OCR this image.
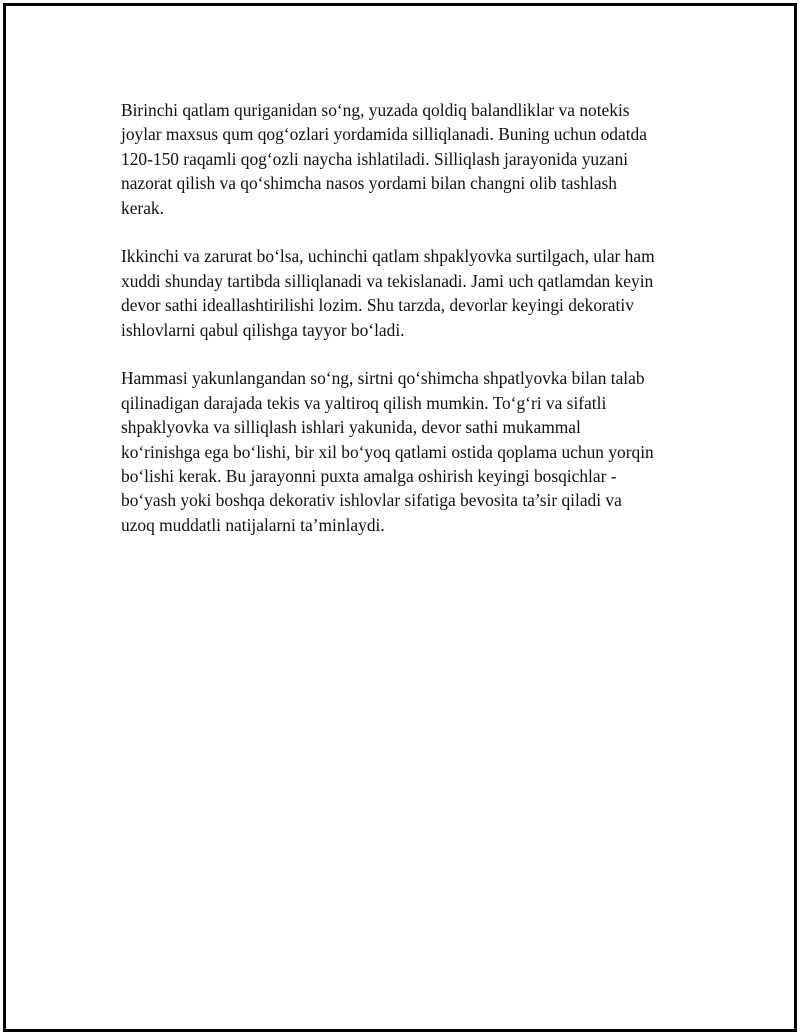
Birinchi qatlam quriganidan so‘ng, yuzada qoldiq balandliklar va notekis
joylar maxsus qum qog‘ozlari yordamida silliqlanadi. Buning uchun odatda
120-150 raqamli qog‘ozli naycha ishlatiladi. Silliqlash jarayonida yuzani
nazorat qilish va qo‘shimcha nasos yordami bilan changni olib tashlash
kerak.

Ikkinchi va zarurat bo‘lsa, uchinchi qatlam shpaklyovka surtilgach, ular ham
xuddi shunday tartibda silliqlanadi va tekislanadi. Jami uch qatlamdan keyin
devor sathi ideallashtirilishi lozim. Shu tarzda, devorlar keyingi dekorativ
ishlovlarni qabul qilishga tayyor bo‘ladi.

Hammasi yakunlangandan so‘ng, sirtni qo‘shimcha shpatlyovka bilan talab
qilinadigan darajada tekis va yaltiroq qilish mumkin. To‘g‘ri va sifatli
shpaklyovka va silliqlash ishlari yakunida, devor sathi mukammal
ko‘rinishga ega bo‘lishi, bir xil bo‘yoq qatlami ostida qoplama uchun yorqin
bo‘lishi kerak. Bu jarayonni puxta amalga oshirish keyingi bosqichlar -
bo‘yash yoki boshqa dekorativ ishlovlar sifatiga bevosita ta’sir qiladi va
uzoq muddatli natijalarni ta’minlaydi.
